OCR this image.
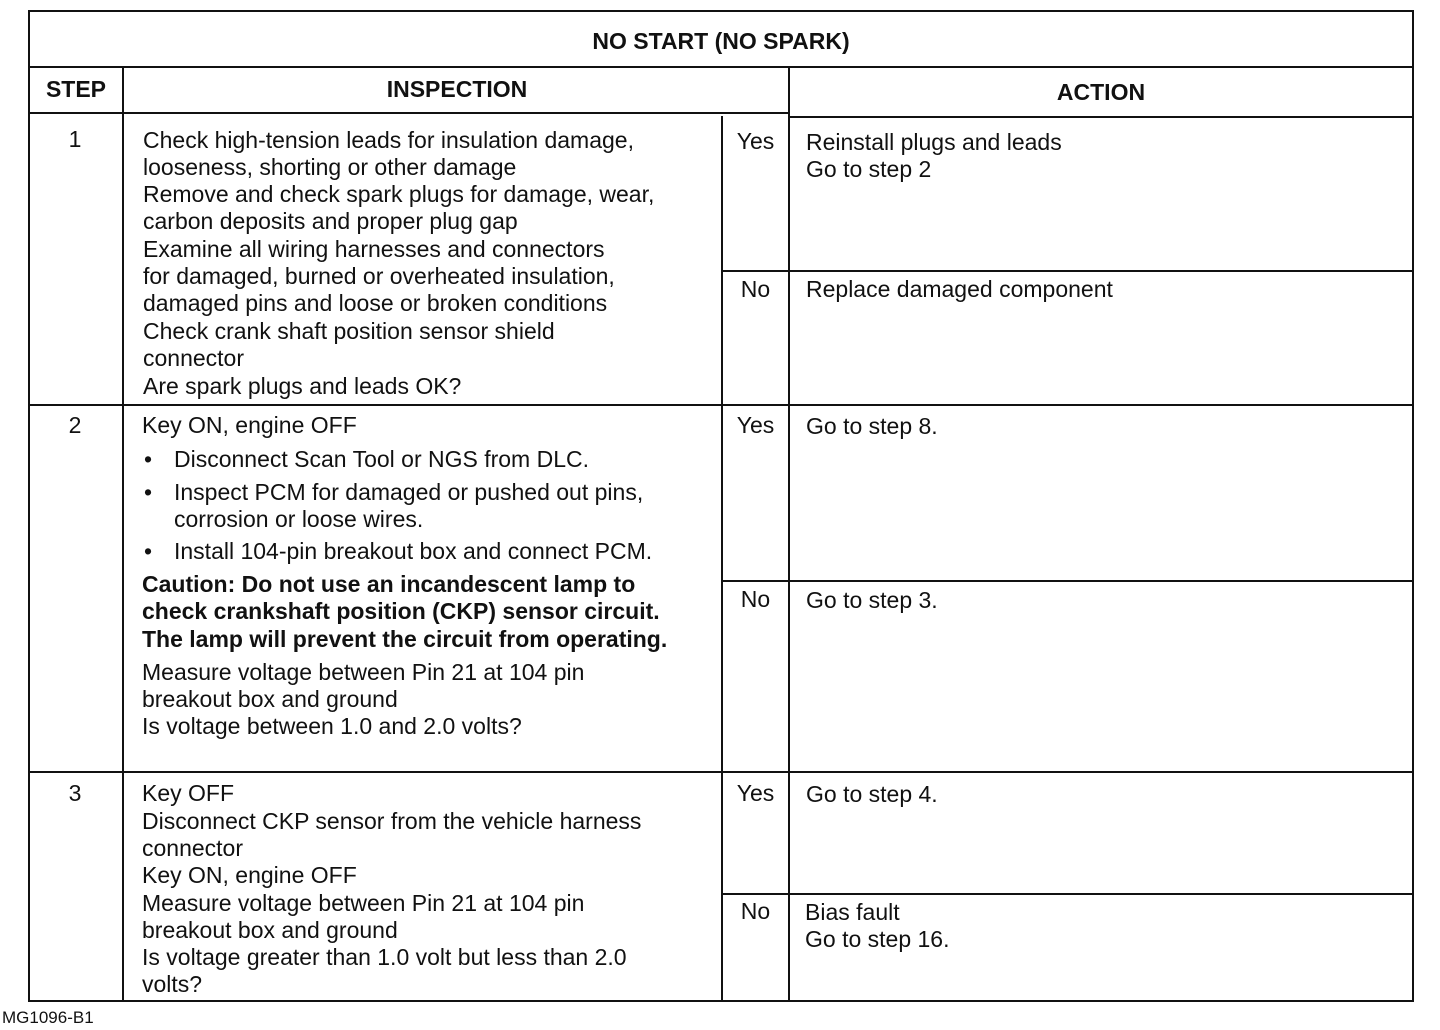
NO START (NO SPARK)
STEP	INSPECTION	ACTION
1	Check high-tension leads for insulation damage,
looseness, shorting or other damage
Remove and check spark plugs for damage, wear,
carbon deposits and proper plug gap
Examine all wiring harnesses and connectors
for damaged, burned or overheated insulation,
damaged pins and loose or broken conditions
Check crank shaft position sensor shield
connector
Are spark plugs and leads OK?
Yes	Reinstall plugs and leads
Go to step 2
No	Replace damaged component
2	Key ON, engine OFF
• Disconnect Scan Tool or NGS from DLC.
• Inspect PCM for damaged or pushed out pins,
corrosion or loose wires.
• Install 104-pin breakout box and connect PCM.
Caution: Do not use an incandescent lamp to
check crankshaft position (CKP) sensor circuit.
The lamp will prevent the circuit from operating.
Measure voltage between Pin 21 at 104 pin
breakout box and ground
Is voltage between 1.0 and 2.0 volts?
Yes	Go to step 8.
No	Go to step 3.
3	Key OFF
Disconnect CKP sensor from the vehicle harness
connector
Key ON, engine OFF
Measure voltage between Pin 21 at 104 pin
breakout box and ground
Is voltage greater than 1.0 volt but less than 2.0
volts?
Yes	Go to step 4.
No	Bias fault
Go to step 16.
MG1096-B1
